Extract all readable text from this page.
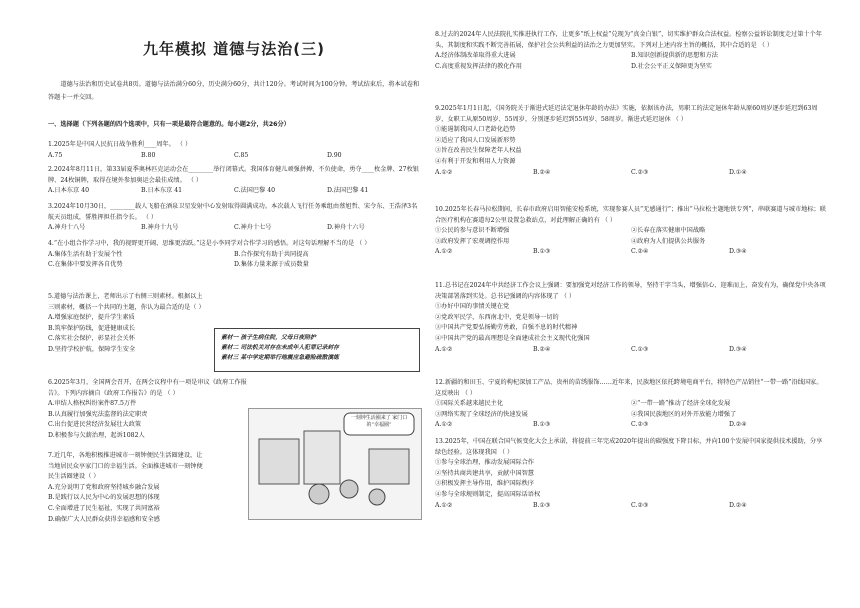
九年模拟 道德与法治(三)
道德与法治和历史试卷共8页。道德与法治满分60分，历史满分60分，共计120分。考试时间为100分钟。考试结束后，将本试卷和答题卡一并交回。
一、选择题（下列各题的四个选项中，只有一项是最符合题意的。每小题2分，共26分）
1.2025年是中国人民抗日战争胜利____周年。 （ ）
A.75	B.80	C.85	D.90
2.2024年8月11日，第33届夏季奥林匹克运动会在________举行闭幕式。我国体育健儿顽强拼搏、不负使命，勇夺____枚金牌、27枚银牌、24枚铜牌，取得在境外参加奥运会最佳成绩。 （ ）
A.日本东京 40	B.日本东京 41	C.法国巴黎 40	D.法国巴黎 41
3.2024年10月30日，________载人飞船在酒泉卫星发射中心发射取得圆满成功。本次载人飞行任务乘组由蔡旭哲、宋令东、王浩泽3名航天员组成，誓胜挥担任指令长。 （ ）
A.神舟十八号	B.神舟十九号	C.神舟十七号	D.神舟十六号
4.“在小组合作学习中，我的视野更开阔、思维更活跃。”这是小李同学对合作学习的感悟。对这句话理解不当的是 （ ）
A.集体生活有助于发展个性	B.合作探究有助于共同提高
C.在集体中要发挥各自优势	D.集体力量来源于成员数量
5.道德与法治课上，老师出示了右侧三则素材。根据以上三则素材，概括一个共同的主题，你认为最合适的是（ ）
A.增强家庭保护，提升学生素质
B.筑牢保护防线，促进健康成长
C.落实社会保护，彰显社会关怀
D.坚持学校护航，保障学生安全
6.2025年3月，全国两会召开，在两会议程中有一项是审议《政府工作报告》。下列内容摘自《政府工作报告》的是 （ ）
A.审结人格权纠纷案件87.5万件
B.认真履行加强宪法监督的法定职责
C.出台促进民营经济发展壮大政策
D.积极参与欠薪治理，起诉1082人
7.近几年，各地积极推进城市一刻钟便民生活圈建设，让当地居民众享家门口的幸福生活。全面推进城市一刻钟便民生活圈建设（ ）
A.充分说明了党和政府坚持城乡融合发展
B.是践行以人民为中心的发展思想的体现
C.全面增进了民生福祉，实现了共同富裕
D.确保广大人民群众获得幸福感和安全感
素材一 孩子生病住院，父母日夜陪护
素材二 司法机关对存在未成年人犯罪记录封存
素材三 某中学定期举行地震应急避险疏散演练
一刻钟生活圈来了 家门口的“幸福圈”
8.过去的2024年人民法院扎实推进执行工作，让更多“纸上权益”兑现为“真金白银”，切实维护群众合法权益。检察公益诉讼制度走过第十个年头，其制度和实践不断完善拓展，保护社会公共利益的法治之力更加坚实。下列对上述内容主旨的概括，其中合适的是 （ ）
A.经济体制改革取得重大进展	B.知识创新提供新的思想和方法
C.高度重视发挥法律的教化作用	D.社会公平正义保障更为坚实
9.2025年1月1日起，《国务院关于渐进式延迟法定退休年龄的办法》实施，依据该办法，男职工的法定退休年龄从原60周岁逐步延迟到63周岁，女职工从原50周岁、55周岁，分别逐步延迟到55周岁、58周岁。渐进式延迟退休 （ ）
①能遏制我国人口老龄化趋势
②适应了我国人口发展新形势
③旨在改善民生保障老年人权益
④有利于开发和利用人力资源
A.①②	B.②④	C.②③	D.①④
10.2025年长春马拉松期间，长春市政府启用智能安检系统，实现参赛人员“无感通行”；推出“马拉松主题地铁专列”，串联赛道与城市地标；联合医疗机构在赛道每2公里设置急救站点，对此理解正确的有 （ ）
①公民的参与意识不断增强	②长春在落实健康中国战略
③政府发挥了宏观调控作用	④政府为人们提供公共服务
A.①②	B.①③	C.②④	D.③④
11.总书记在2024年中共经济工作会议上强调：要加强党对经济工作的领导，坚持干字当头，增强信心、迎难而上，奋发有为，确保党中央各项决策部署落到实处。总书记强调的内容体现了 （ ）
①办好中国的事情关键在党
②党政军民学，东西南北中，党是领导一切的
③中国共产党要弘扬勤劳勇敢，自强不息的时代精神
④中国共产党的最高理想是全面建成社会主义现代化强国
A.①②	B.②④	C.①③	D.③④
12.新疆的和田玉、宁夏的枸杞深加工产品、贵州的苗绣服饰……近年来，民族地区依托跨境电商平台，将特色产品销往“一带一路”沿线国家。这反映出 （ ）
①国际关系越来越民主化	②“一带一路”推动了经济全球化发展
③网络实现了全球经济的快速发展	④我国民族地区的对外开放能力增强了
A.①②	B.①③	C.②③	D.②④
13.2025年，中国在联合国气候变化大会上承诺，将提前三年完成2020年提出的碳强度下降目标，并向100个发展中国家提供技术援助，分享绿色经验。这体现我国 （ ）
①参与全球治理，推动发展国际合作
②坚持共商共建共享，贡献中国智慧
③积极发挥主导作用，维护国际秩序
④参与全球规则制定，提高国际话语权
A.①②	B.①③	C.②③	D.②④
